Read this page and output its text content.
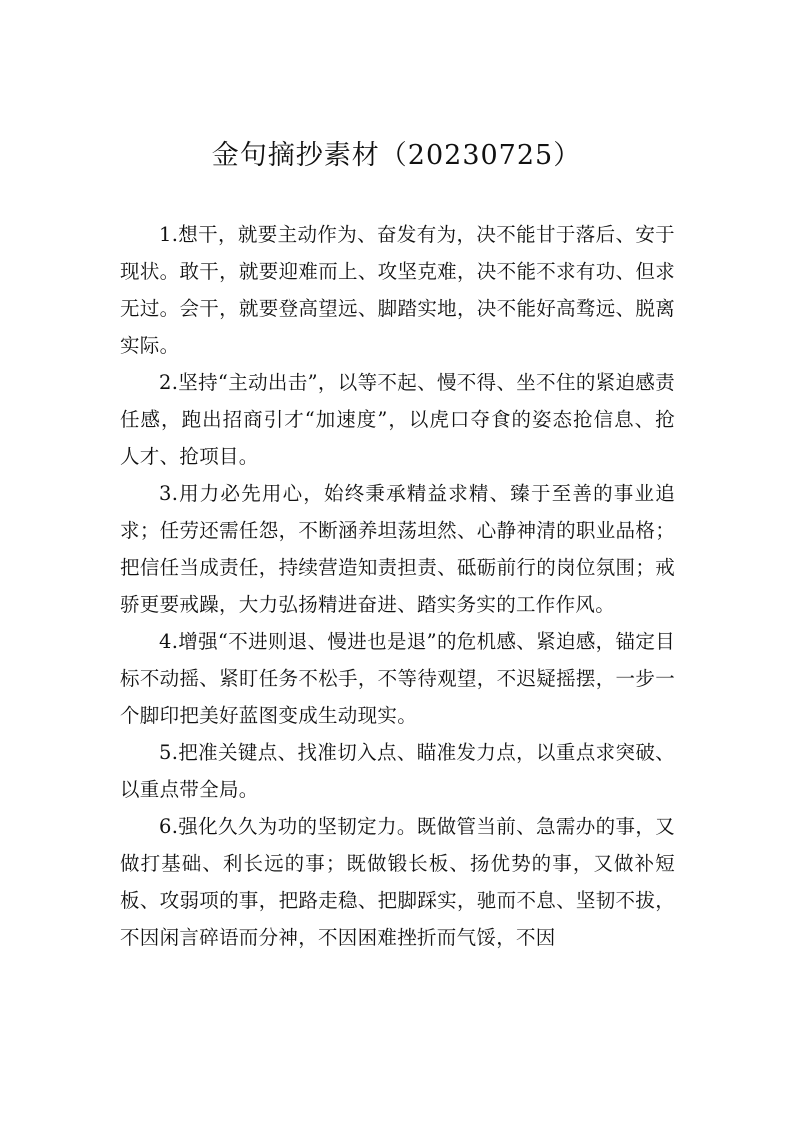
金句摘抄素材（20230725）

1.想干，就要主动作为、奋发有为，决不能甘于落后、安于现状。敢干，就要迎难而上、攻坚克难，决不能不求有功、但求无过。会干，就要登高望远、脚踏实地，决不能好高骛远、脱离实际。

2.坚持“主动出击”，以等不起、慢不得、坐不住的紧迫感责任感，跑出招商引才“加速度”，以虎口夺食的姿态抢信息、抢人才、抢项目。

3.用力必先用心，始终秉承精益求精、臻于至善的事业追求；任劳还需任怨，不断涵养坦荡坦然、心静神清的职业品格；把信任当成责任，持续营造知责担责、砥砺前行的岗位氛围；戒骄更要戒躁，大力弘扬精进奋进、踏实务实的工作作风。

4.增强“不进则退、慢进也是退”的危机感、紧迫感，锚定目标不动摇、紧盯任务不松手，不等待观望，不迟疑摇摆，一步一个脚印把美好蓝图变成生动现实。

5.把准关键点、找准切入点、瞄准发力点，以重点求突破、以重点带全局。

6.强化久久为功的坚韧定力。既做管当前、急需办的事，又做打基础、利长远的事；既做锻长板、扬优势的事，又做补短板、攻弱项的事，把路走稳、把脚踩实，驰而不息、坚韧不拔，不因闲言碎语而分神，不因困难挫折而气馁，不因
